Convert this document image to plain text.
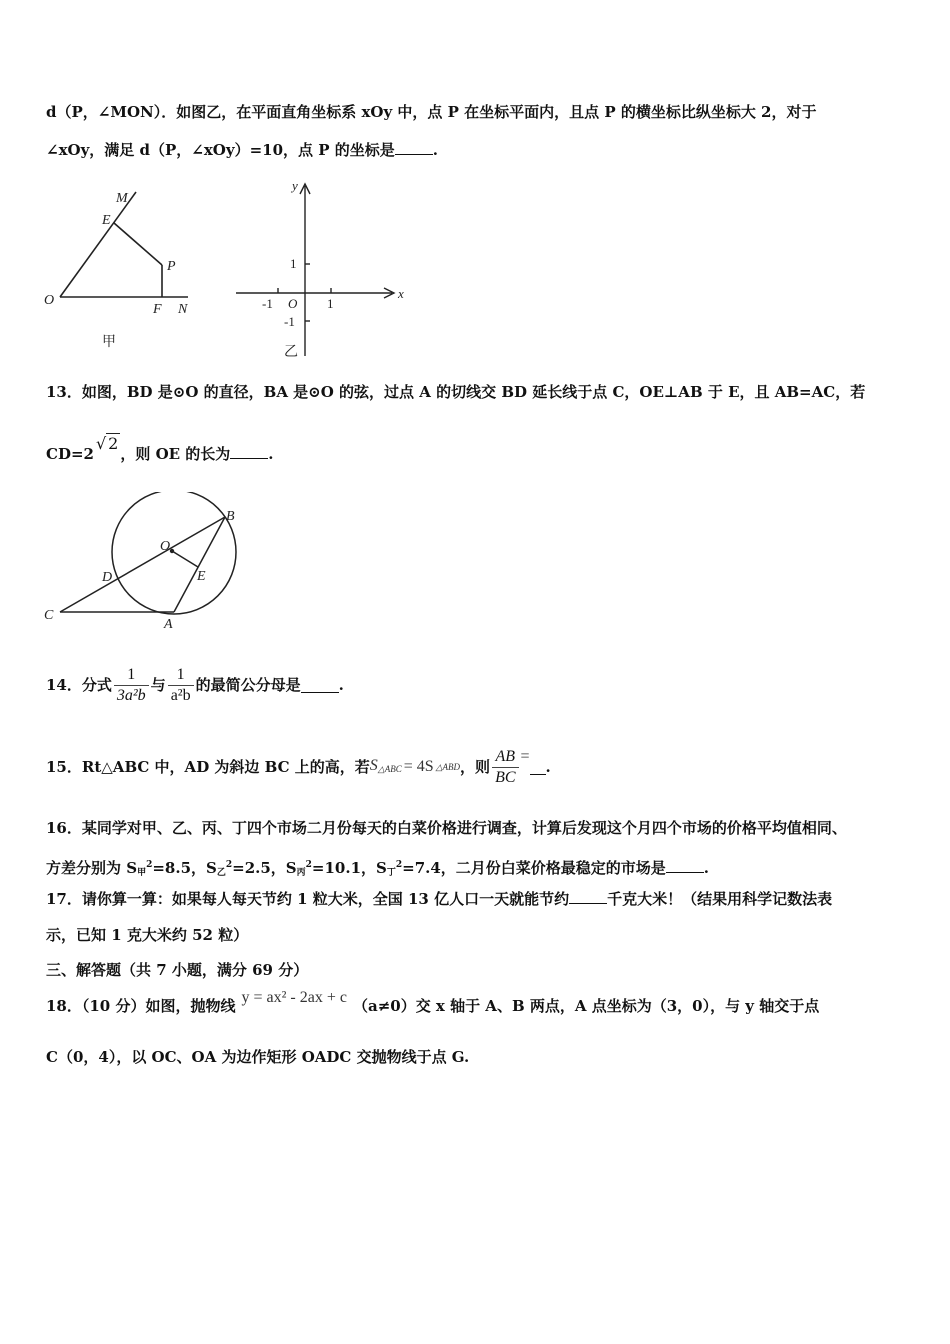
d（P，∠MON）．如图乙，在平面直角坐标系 xOy 中，点 P 在坐标平面内，且点 P 的横坐标比纵坐标大 2，对于
∠xOy，满足 d（P，∠xOy）=10，点 P 的坐标是	.
M
E
P
O
F N
甲
y
x
1
-1 O 1
-1
乙
13．如图，BD 是⊙O 的直径，BA 是⊙O 的弦，过点 A 的切线交 BD 延长线于点 C，OE⊥AB 于 E，且 AB=AC，若
CD=2√ 2，则 OE 的长为	.
B
O
D	E
C
A
14．分式 $\frac{1}{\text{3a²b}}$ 与 $\frac{1}{\text{a²b}}$ 的最简公分母是	.
15．Rt△ABC 中，AD 为斜边 BC 上的高，若 $S_{\triangle ABC} = 4S$ △ABD ，则 $\frac{AB}{BC}$ =
.
16．某同学对甲、乙、丙、丁四个市场二月份每天的白菜价格进行调查，计算后发现这个月四个市场的价格平均值相同、
方差分别为 $S_甲^2=8.5$，$S_乙^2=2.5$，$S_丙^2=10.1$，$S_丁^2=7.4$，二月份白菜价格最稳定的市场是	.
17．请你算一算：如果每人每天节约 1 粒大米，全国 13 亿人口一天就能节约	千克大米！（结果用科学记数法表
示，已知 1 克大米约 52 粒）
三、解答题（共 7 小题，满分 69 分）
18．（10 分）如图，抛物线 y = ax² - 2ax + c （a≠0）交 x 轴于 A、B 两点，A 点坐标为（3，0），与 y 轴交于点
C（0，4），以 OC、OA 为边作矩形 OADC 交抛物线于点 G.
